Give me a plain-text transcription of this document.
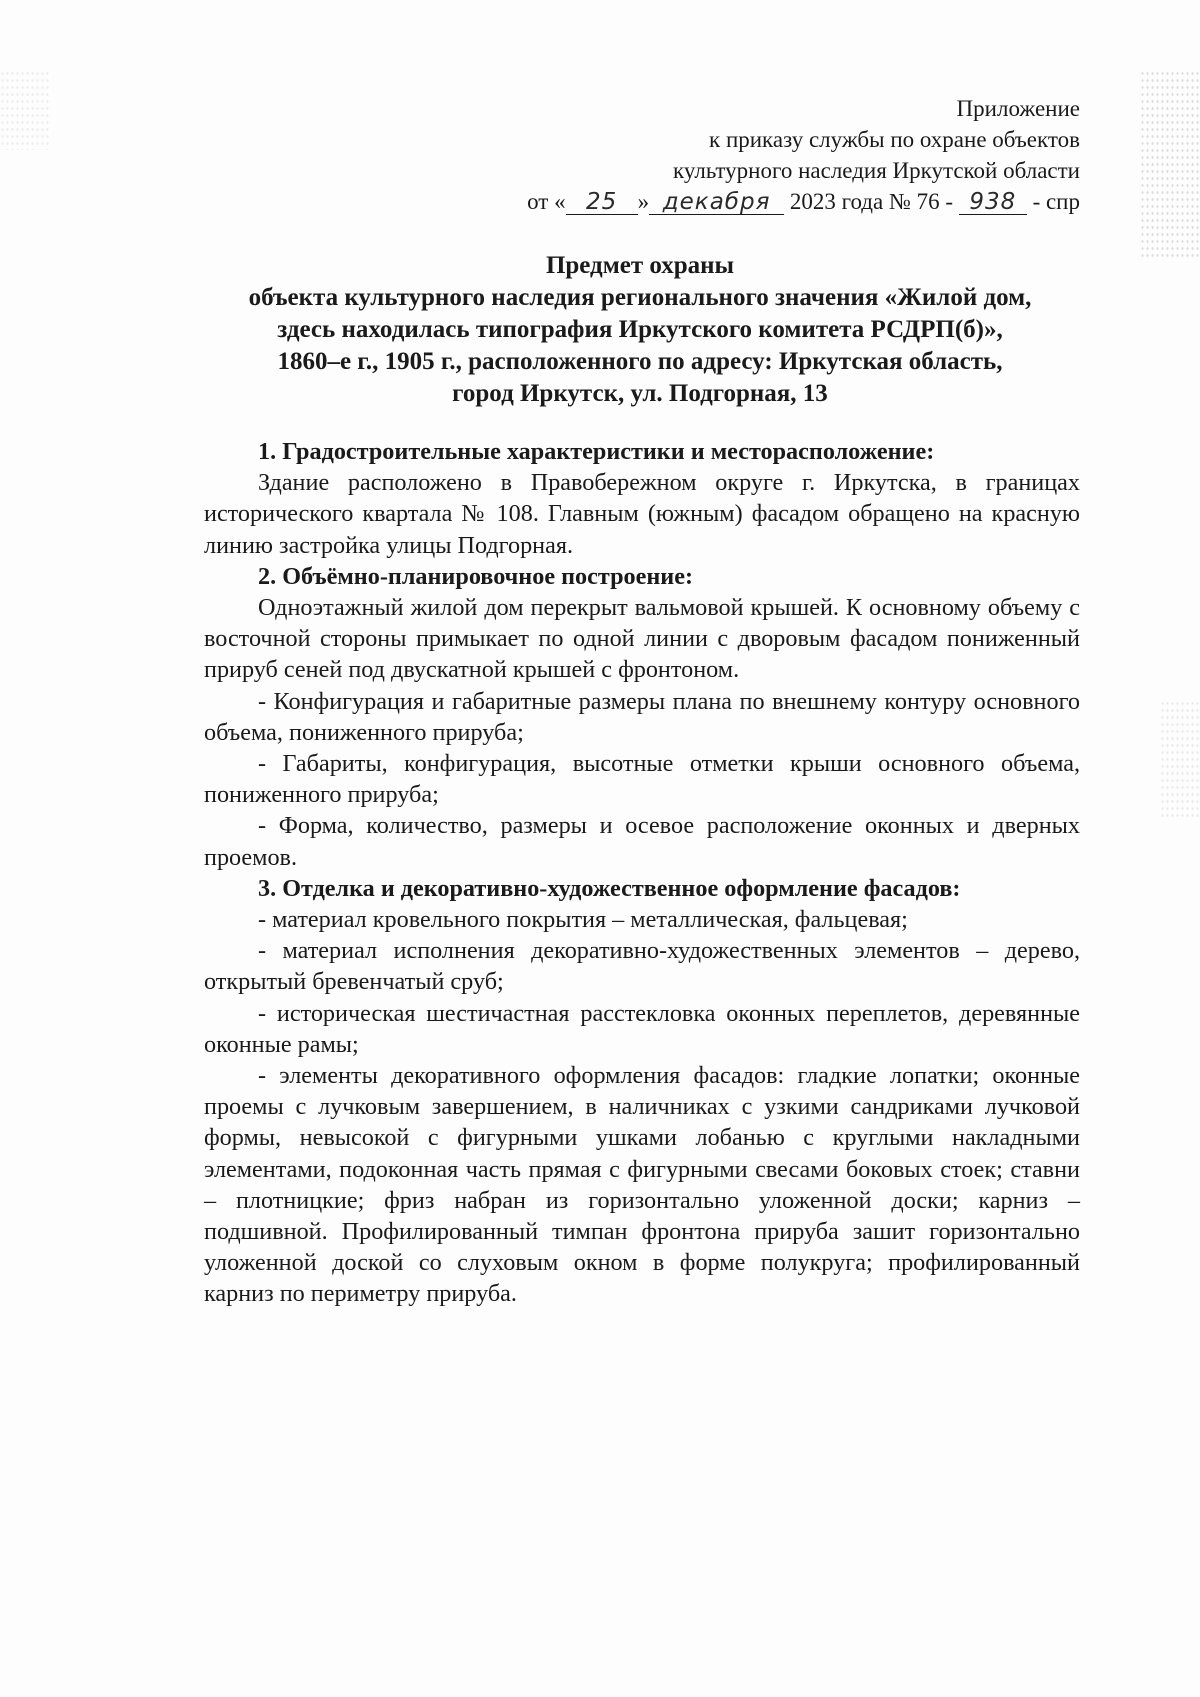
Приложение
к приказу службы по охране объектов
культурного наследия Иркутской области
от « 25 » декабря 2023 года № 76 - 938 - спр
Предмет охраны
объекта культурного наследия регионального значения «Жилой дом,
здесь находилась типография Иркутского комитета РСДРП(б)»,
1860–е г., 1905 г., расположенного по адресу: Иркутская область,
город Иркутск, ул. Подгорная, 13

1. Градостроительные характеристики и месторасположение:

Здание расположено в Правобережном округе г. Иркутска, в границах исторического квартала № 108. Главным (южным) фасадом обращено на красную линию застройка улицы Подгорная.

2. Объёмно-планировочное построение:

Одноэтажный жилой дом перекрыт вальмовой крышей. К основному объему с восточной стороны примыкает по одной линии с дворовым фасадом пониженный прируб сеней под двускатной крышей с фронтоном.

- Конфигурация и габаритные размеры плана по внешнему контуру основного объема, пониженного прируба;

- Габариты, конфигурация, высотные отметки крыши основного объема, пониженного прируба;

- Форма, количество, размеры и осевое расположение оконных и дверных проемов.

3. Отделка и декоративно-художественное оформление фасадов:

- материал кровельного покрытия – металлическая, фальцевая;

- материал исполнения декоративно-художественных элементов – дерево, открытый бревенчатый сруб;

- историческая шестичастная расстекловка оконных переплетов, деревянные оконные рамы;

- элементы декоративного оформления фасадов: гладкие лопатки; оконные проемы с лучковым завершением, в наличниках с узкими сандриками лучковой формы, невысокой с фигурными ушками лобанью с круглыми накладными элементами, подоконная часть прямая с фигурными свесами боковых стоек; ставни – плотницкие; фриз набран из горизонтально уложенной доски; карниз – подшивной. Профилированный тимпан фронтона прируба зашит горизонтально уложенной доской со слуховым окном в форме полукруга; профилированный карниз по периметру прируба.
